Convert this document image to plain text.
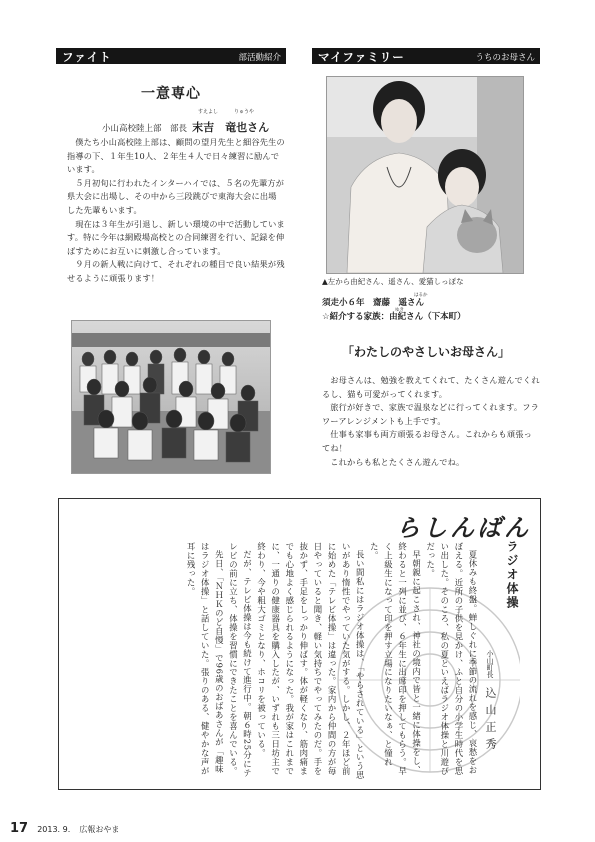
ファイト	部活動紹介
一意専心
すえよし	りゅうや
小山高校陸上部　部長 末吉　竜也さん

僕たち小山高校陸上部は、顧問の望月先生と細谷先生の指導の下、１年生10人、２年生４人で日々練習に励んでいます。

５月初旬に行われたインターハイでは、５名の先輩方が県大会に出場し、その中から三段跳びで東海大会に出場した先輩もいます。

現在は３年生が引退し、新しい環境の中で活動しています。特に今年は網殿場高校との合同練習を行い、記録を伸ばすためにお互いに刺激し合っています。

９月の新人戦に向けて、それぞれの種目で良い結果が残せるように頑張ります！

マイファミリー	うちのお母さん
▲左から由紀さん、遥さん、愛猫しっぽな
はるか
須走小６年　齋藤　遥さん
ゆき
☆紹介する家族：由紀さん（下本町）
「わたしのやさしいお母さん」

お母さんは、勉強を教えてくれて、たくさん遊んでくれるし、猫も可愛がってくれます。

旅行が好きで、家族で温泉などに行ってくれます。フラワーアレンジメントも上手です。

仕事も家事も両方頑張るお母さん。これからも頑張ってね！

これからも私とたくさん遊んでね。

らしんばん
ラジオ体操
小山町長 込山正秀

夏休みも終盤。蝉しぐれに季節の流れを感じ、哀愁をおぼえる。近所の子供を見かけ、ふと自分の小学生時代を思い出した。そのころ、私の夏といえばラジオ体操と川遊びだった。

早朝親に起こされ、神社の境内で皆と一緒に体操をし、終わると一列に並び、６年生に出席印を押してもらう。早く上級生になって印を押す立場になりたいなぁ、と憧れた。

長い間私にはラジオ体操は、「やらされている」という思いがあり惰性でやっていた気がする。しかし、２年ほど前に始めた「テレビ体操」は違った。家内から仲間の方が毎日やっていると聞き、軽い気持ちでやってみたのだ。手を抜かず、手足をしっかり伸ばす。体が軽くなり、筋肉痛までも心地よく感じられるようになった。我が家はこれまでに、一通りの健康器具を購入したが、いずれも三日坊主で終わり、今や粗大ゴミとなり、ホコリを被っている。

だが、テレビ体操は今も続けて進行中。朝６時25分にテレビの前に立ち、体操を習慣にできたことを喜んでいる。

先日、「ＮＨＫのど自慢」で96歳のおばあさんが「趣味はラジオ体操」と話していた。張りのある、健やかな声が耳に残った。

17 2013. 9. 広報おやま
